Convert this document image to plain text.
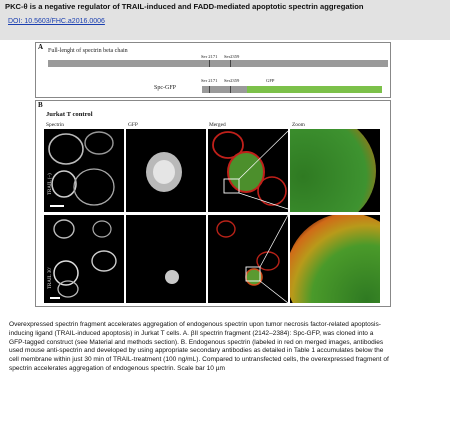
PKC-θ is a negative regulator of TRAIL-induced and FADD-mediated apoptotic spectrin aggregation
DOI: 10.5603/FHC.a2016.0006
A Full-lenght of spectrin beta chain
Ser 2171 Ser2359
Ser 2171 Ser2359	GFP
Spc-GFP
B
Jurkat T control
Spectrin	GFP	Merged	Zoom
TRAIL (–)
TRAIL 30'
Overexpressed spectrin fragment accelerates aggregation of endogenous spectrin upon tumor necrosis factor-related apoptosis-inducing ligand (TRAIL-induced apoptosis) in Jurkat T cells. A. βII spectrin fragment (2142–2384): Spc-GFP, was cloned into a GFP-tagged construct (see Material and methods section). B. Endogenous spectrin (labeled in red on merged images, antibodies used mouse anti-spectrin and developed by using appropriate secondary antibodies as detailed in Table 1 accumulates below the cell membrane within just 30 min of TRAIL-treatment (100 ng/mL). Compared to untransfected cells, the overexpressed fragment of spectrin accelerates aggregation of endogenous spectrin. Scale bar 10 µm
